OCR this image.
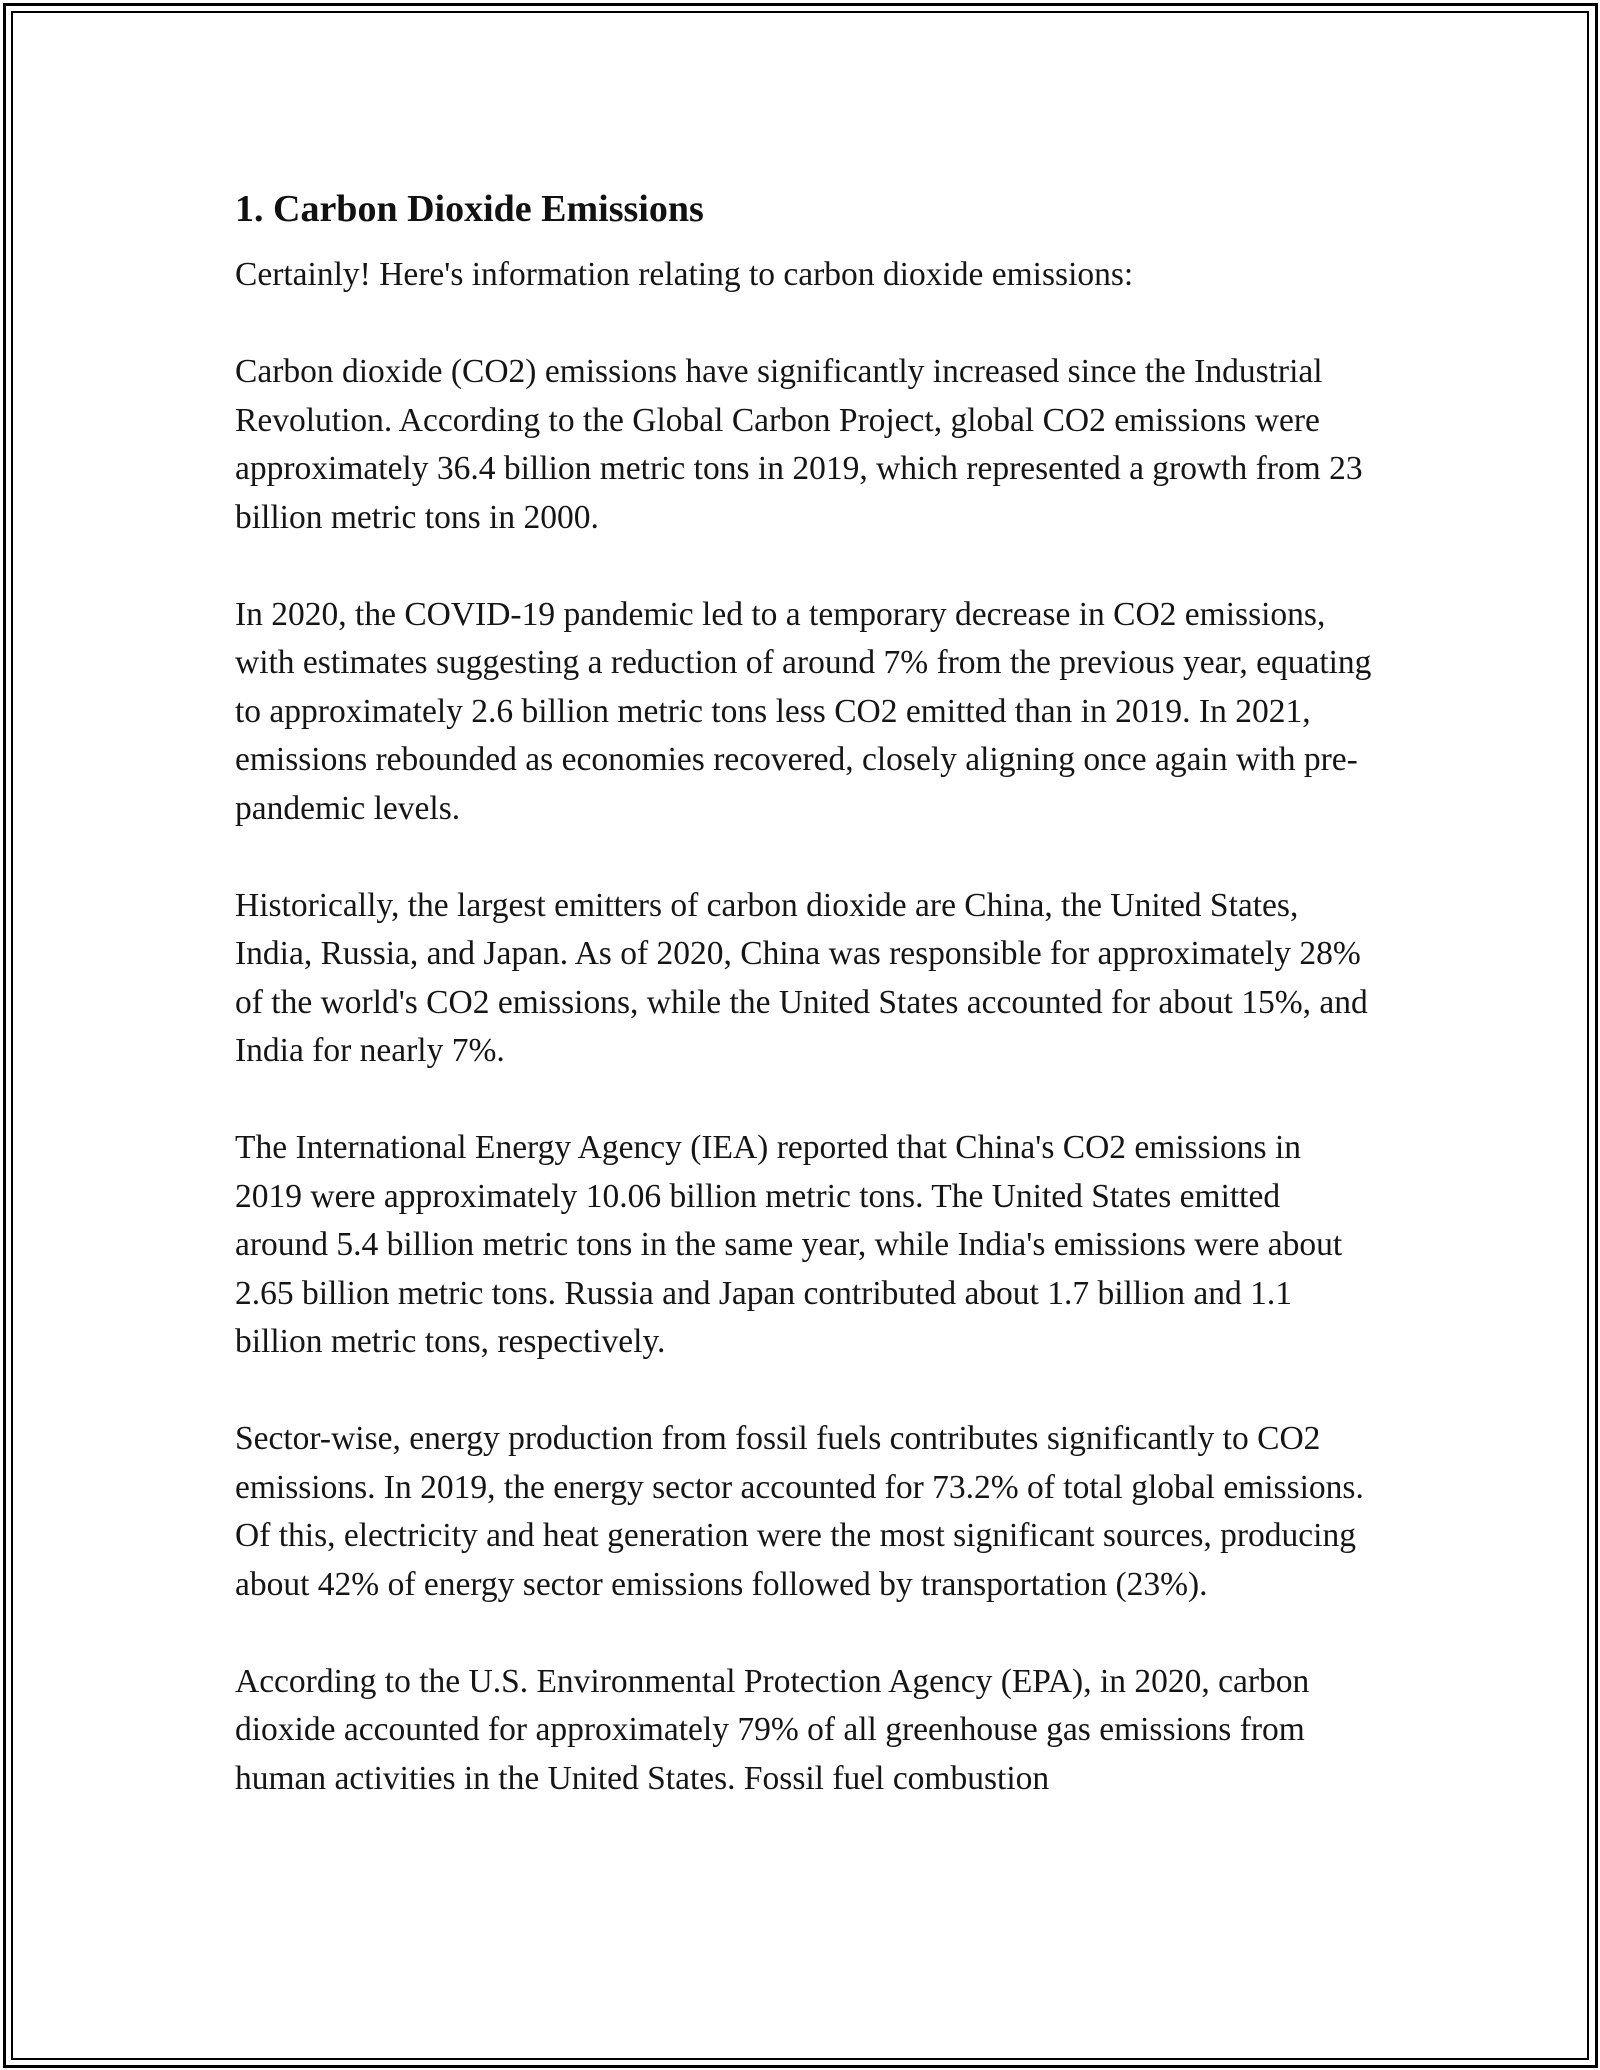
1. Carbon Dioxide Emissions

Certainly! Here's information relating to carbon dioxide emissions:

Carbon dioxide (CO2) emissions have significantly increased since the Industrial Revolution. According to the Global Carbon Project, global CO2 emissions were approximately 36.4 billion metric tons in 2019, which represented a growth from 23 billion metric tons in 2000.

In 2020, the COVID-19 pandemic led to a temporary decrease in CO2 emissions, with estimates suggesting a reduction of around 7% from the previous year, equating to approximately 2.6 billion metric tons less CO2 emitted than in 2019. In 2021, emissions rebounded as economies recovered, closely aligning once again with pre-pandemic levels.

Historically, the largest emitters of carbon dioxide are China, the United States, India, Russia, and Japan. As of 2020, China was responsible for approximately 28% of the world's CO2 emissions, while the United States accounted for about 15%, and India for nearly 7%.

The International Energy Agency (IEA) reported that China's CO2 emissions in 2019 were approximately 10.06 billion metric tons. The United States emitted around 5.4 billion metric tons in the same year, while India's emissions were about 2.65 billion metric tons. Russia and Japan contributed about 1.7 billion and 1.1 billion metric tons, respectively.

Sector-wise, energy production from fossil fuels contributes significantly to CO2 emissions. In 2019, the energy sector accounted for 73.2% of total global emissions. Of this, electricity and heat generation were the most significant sources, producing about 42% of energy sector emissions followed by transportation (23%).

According to the U.S. Environmental Protection Agency (EPA), in 2020, carbon dioxide accounted for approximately 79% of all greenhouse gas emissions from human activities in the United States. Fossil fuel combustion
